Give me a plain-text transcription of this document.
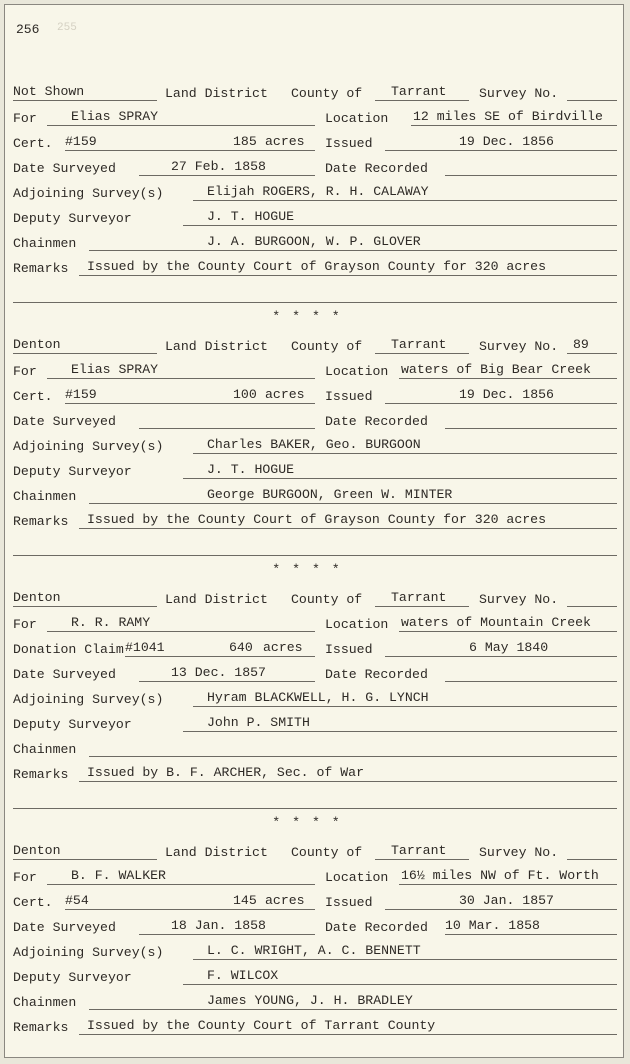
256 255
Not Shown	Land District County of Tarrant Survey No.
For	Elias SPRAY	Location 12 miles SE of Birdville
Cert. #159	185 acres Issued	19 Dec. 1856
Date Surveyed	27 Feb. 1858	Date Recorded
Adjoining Survey(s)	Elijah ROGERS, R. H. CALAWAY
Deputy Surveyor	J. T. HOGUE
Chainmen	J. A. BURGOON, W. P. GLOVER
Remarks Issued by the County Court of Grayson County for 320 acres
* * * *
Denton	Land District County of Tarrant Survey No. 89
For	Elias SPRAY	Location waters of Big Bear Creek
Cert. #159	100 acres Issued	19 Dec. 1856
Date Surveyed	Date Recorded
Adjoining Survey(s)	Charles BAKER, Geo. BURGOON
Deputy Surveyor	J. T. HOGUE
Chainmen	George BURGOON, Green W. MINTER
Remarks Issued by the County Court of Grayson County for 320 acres
* * * *
Denton	Land District County of Tarrant Survey No.
For	R. R. RAMY	Location waters of Mountain Creek
Donation Claim #1041	640 acres Issued	6 May 1840
Date Surveyed	13 Dec. 1857	Date Recorded
Adjoining Survey(s)	Hyram BLACKWELL, H. G. LYNCH
Deputy Surveyor	John P. SMITH
Chainmen
Remarks Issued by B. F. ARCHER, Sec. of War
* * * *
Denton	Land District County of Tarrant Survey No.
For	B. F. WALKER	Location 16½ miles NW of Ft. Worth
Cert. #54	145 acres Issued	30 Jan. 1857
Date Surveyed	18 Jan. 1858	Date Recorded 10 Mar. 1858
Adjoining Survey(s)	L. C. WRIGHT, A. C. BENNETT
Deputy Surveyor	F. WILCOX
Chainmen	James YOUNG, J. H. BRADLEY
Remarks Issued by the County Court of Tarrant County
